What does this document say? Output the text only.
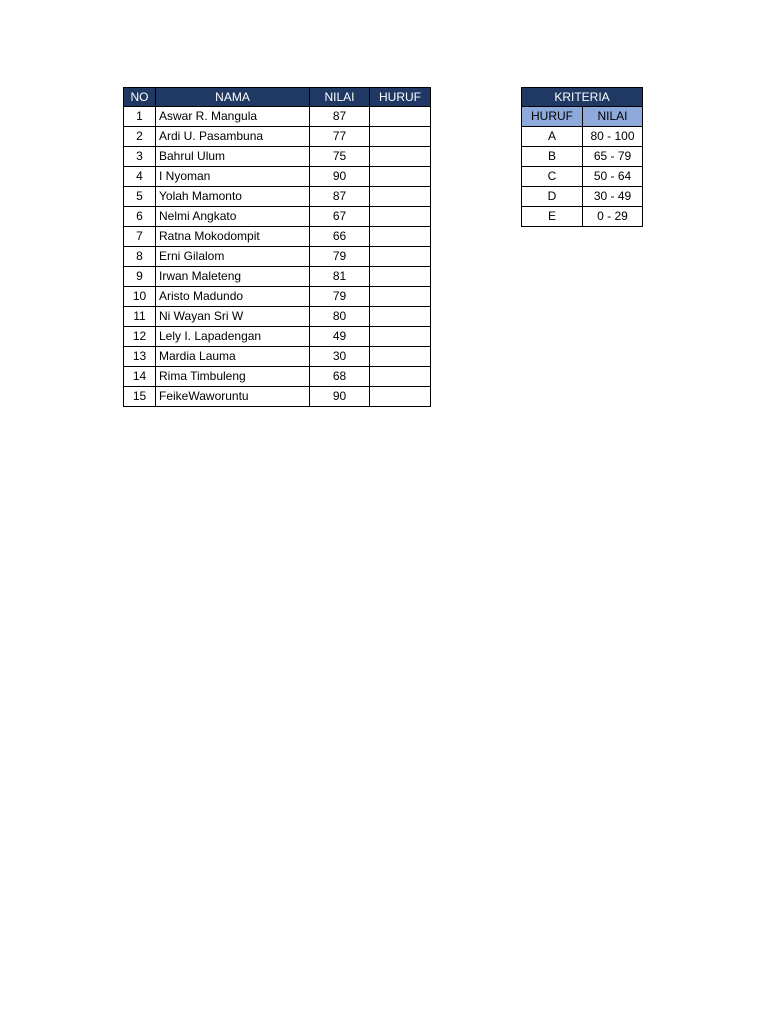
NO	NAMA	NILAI	HURUF
1	Aswar R. Mangula	87	
2	Ardi U. Pasambuna	77	
3	Bahrul Ulum	75	
4	I Nyoman	90	
5	Yolah Mamonto	87	
6	Nelmi Angkato	67	
7	Ratna Mokodompit	66	
8	Erni Gilalom	79	
9	Irwan Maleteng	81	
10	Aristo Madundo	79	
11	Ni Wayan Sri W	80	
12	Lely I. Lapadengan	49	
13	Mardia Lauma	30	
14	Rima Timbuleng	68	
15	FeikeWaworuntu	90	
KRITERIA	
HURUF	NILAI
A	80 - 100
B	65 - 79
C	50 - 64
D	30 - 49
E	0 - 29
